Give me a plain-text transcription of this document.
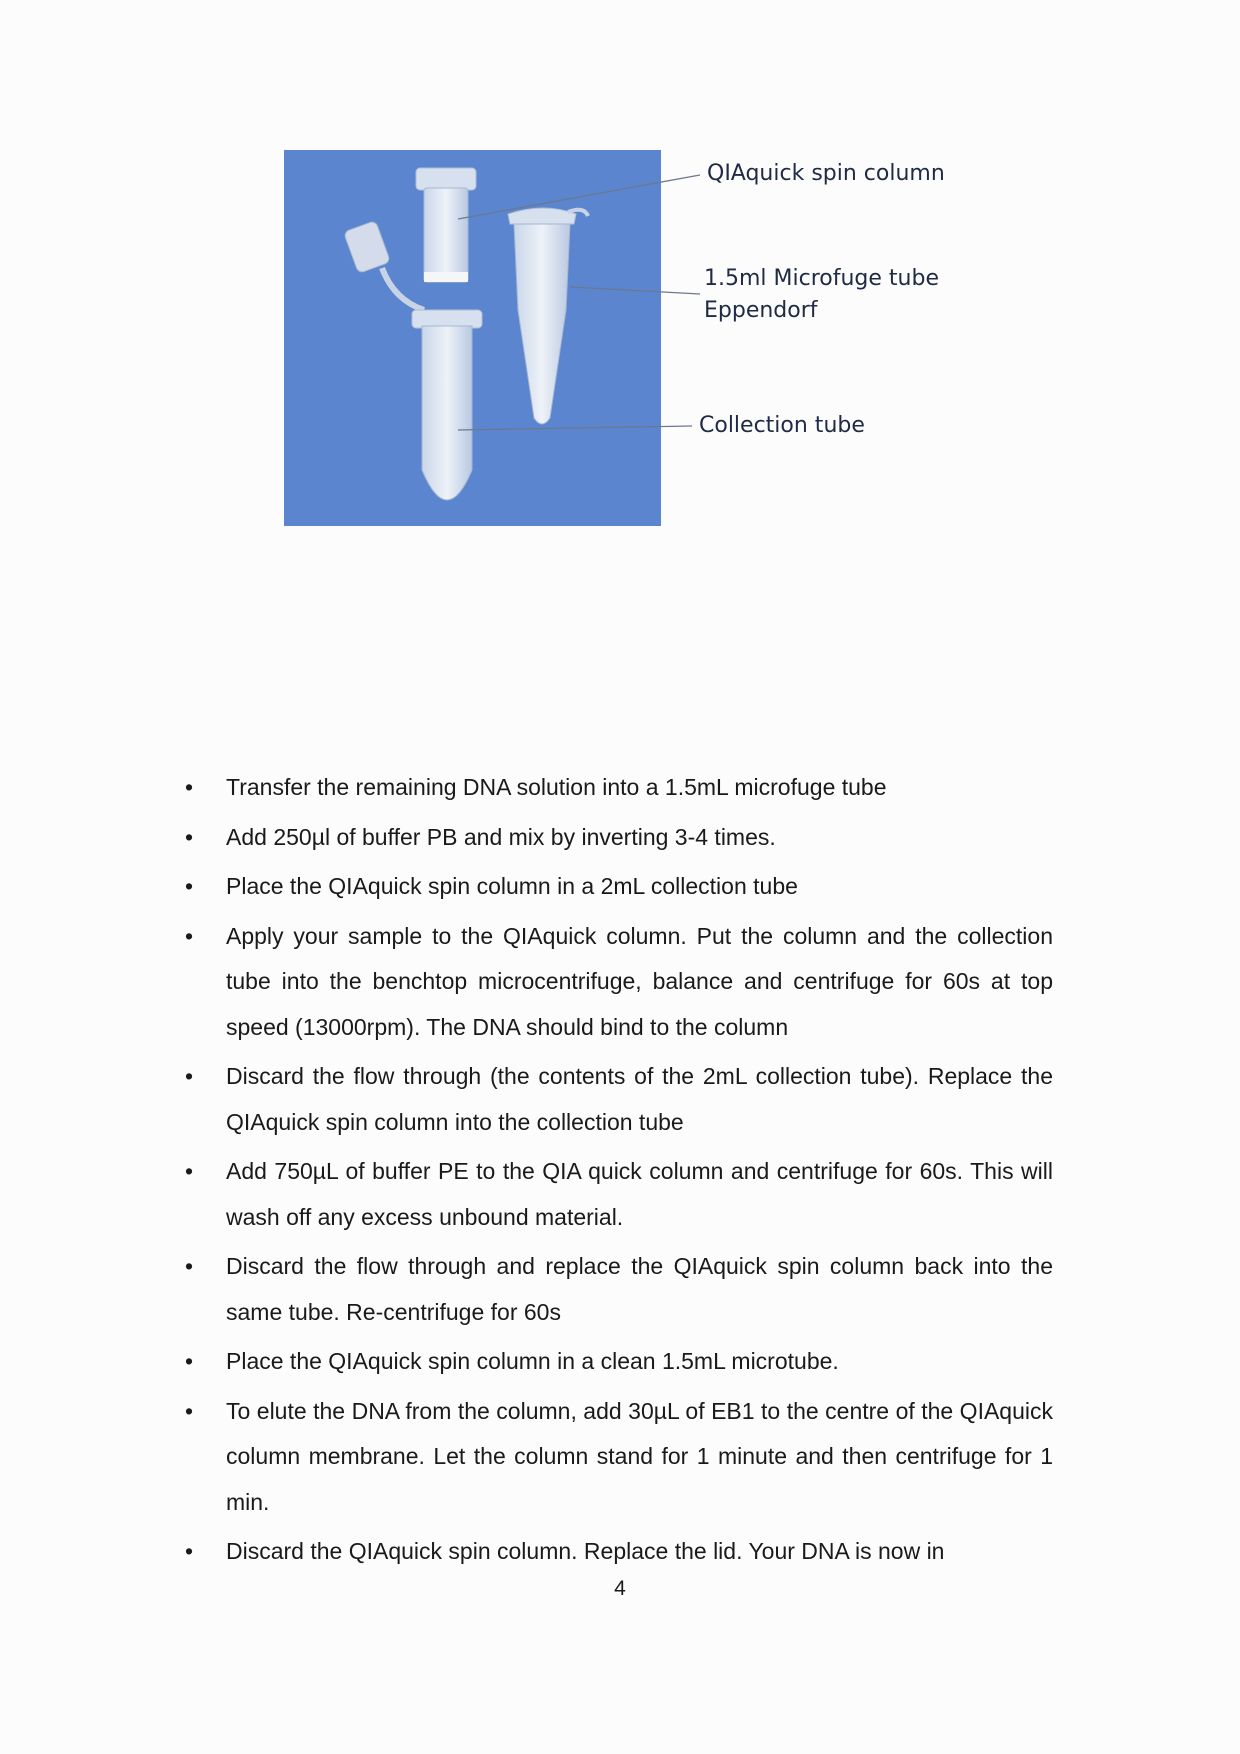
QIAquick spin column
1.5ml Microfuge tube
Eppendorf
Collection tube
• Transfer the remaining DNA solution into a 1.5mL microfuge tube
• Add 250µl of buffer PB and mix by inverting 3-4 times.
• Place the QIAquick spin column in a 2mL collection tube
• Apply your sample to the QIAquick column. Put the column and the collection tube into the benchtop microcentrifuge, balance and centrifuge for 60s at top speed (13000rpm). The DNA should bind to the column
• Discard the flow through (the contents of the 2mL collection tube). Replace the QIAquick spin column into the collection tube
• Add 750µL of buffer PE to the QIA quick column and centrifuge for 60s. This will wash off any excess unbound material.
• Discard the flow through and replace the QIAquick spin column back into the same tube. Re-centrifuge for 60s
• Place the QIAquick spin column in a clean 1.5mL microtube.
• To elute the DNA from the column, add 30µL of EB1 to the centre of the QIAquick column membrane. Let the column stand for 1 minute and then centrifuge for 1 min.
• Discard the QIAquick spin column. Replace the lid. Your DNA is now in
4
